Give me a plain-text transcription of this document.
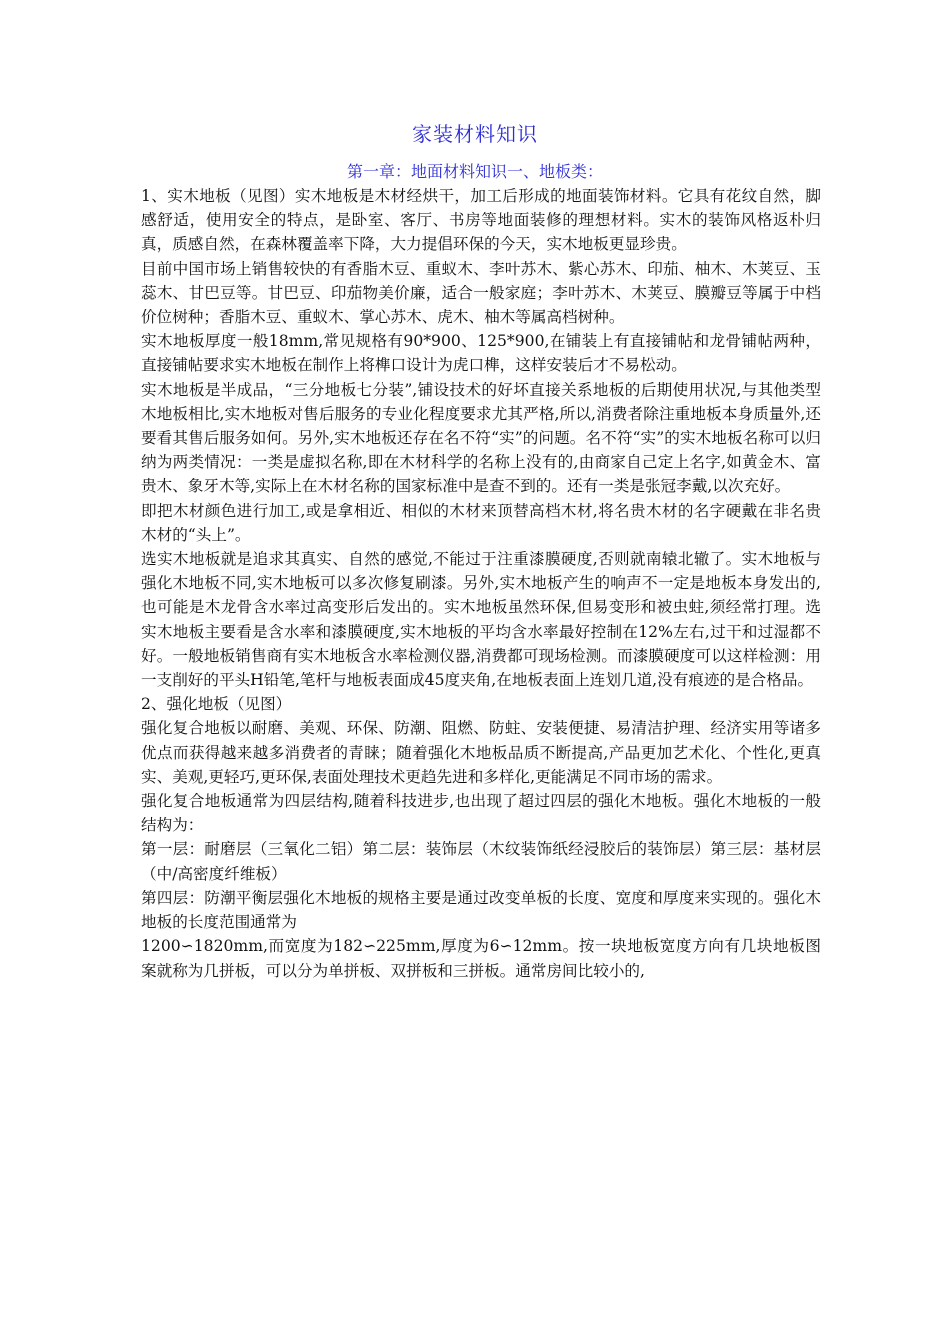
家装材料知识
第一章：地面材料知识一、地板类：

1、实木地板（见图）实木地板是木材经烘干，加工后形成的地面装饰材料。它具有花纹自然，脚感舒适，使用安全的特点，是卧室、客厅、书房等地面装修的理想材料。实木的装饰风格返朴归真，质感自然，在森林覆盖率下降，大力提倡环保的今天，实木地板更显珍贵。

目前中国市场上销售较快的有香脂木豆、重蚁木、李叶苏木、紫心苏木、印茄、柚木、木荚豆、玉蕊木、甘巴豆等。甘巴豆、印茄物美价廉，适合一般家庭；李叶苏木、木荚豆、膜瓣豆等属于中档价位树种；香脂木豆、重蚁木、掌心苏木、虎木、柚木等属高档树种。

实木地板厚度一般18mm,常见规格有90*900、125*900,在铺装上有直接铺帖和龙骨铺帖两种，直接铺帖要求实木地板在制作上将榫口设计为虎口榫，这样安装后才不易松动。

实木地板是半成品，“三分地板七分装”,铺设技术的好坏直接关系地板的后期使用状况,与其他类型木地板相比,实木地板对售后服务的专业化程度要求尤其严格,所以,消费者除注重地板本身质量外,还要看其售后服务如何。另外,实木地板还存在名不符“实”的问题。名不符“实”的实木地板名称可以归纳为两类情况：一类是虚拟名称,即在木材科学的名称上没有的,由商家自己定上名字,如黄金木、富贵木、象牙木等,实际上在木材名称的国家标准中是查不到的。还有一类是张冠李戴,以次充好。

即把木材颜色进行加工,或是拿相近、相似的木材来顶替高档木材,将名贵木材的名字硬戴在非名贵木材的“头上”。

选实木地板就是追求其真实、自然的感觉,不能过于注重漆膜硬度,否则就南辕北辙了。实木地板与强化木地板不同,实木地板可以多次修复刷漆。另外,实木地板产生的响声不一定是地板本身发出的,也可能是木龙骨含水率过高变形后发出的。实木地板虽然环保,但易变形和被虫蛀,须经常打理。选实木地板主要看是含水率和漆膜硬度,实木地板的平均含水率最好控制在12%左右,过干和过湿都不好。一般地板销售商有实木地板含水率检测仪器,消费都可现场检测。而漆膜硬度可以这样检测：用一支削好的平头H铅笔,笔杆与地板表面成45度夹角,在地板表面上连划几道,没有痕迹的是合格品。

2、强化地板（见图）

强化复合地板以耐磨、美观、环保、防潮、阻燃、防蛀、安装便捷、易清洁护理、经济实用等诸多优点而获得越来越多消费者的青睐；随着强化木地板品质不断提高,产品更加艺术化、个性化,更真实、美观,更轻巧,更环保,表面处理技术更趋先进和多样化,更能满足不同市场的需求。

强化复合地板通常为四层结构,随着科技进步,也出现了超过四层的强化木地板。强化木地板的一般结构为：

第一层：耐磨层（三氧化二铝）第二层：装饰层（木纹装饰纸经浸胶后的装饰层）第三层：基材层（中/高密度纤维板）

第四层：防潮平衡层强化木地板的规格主要是通过改变单板的长度、宽度和厚度来实现的。强化木地板的长度范围通常为

1200∽1820mm,而宽度为182∽225mm,厚度为6∽12mm。按一块地板宽度方向有几块地板图案就称为几拼板，可以分为单拼板、双拼板和三拼板。通常房间比较小的,
